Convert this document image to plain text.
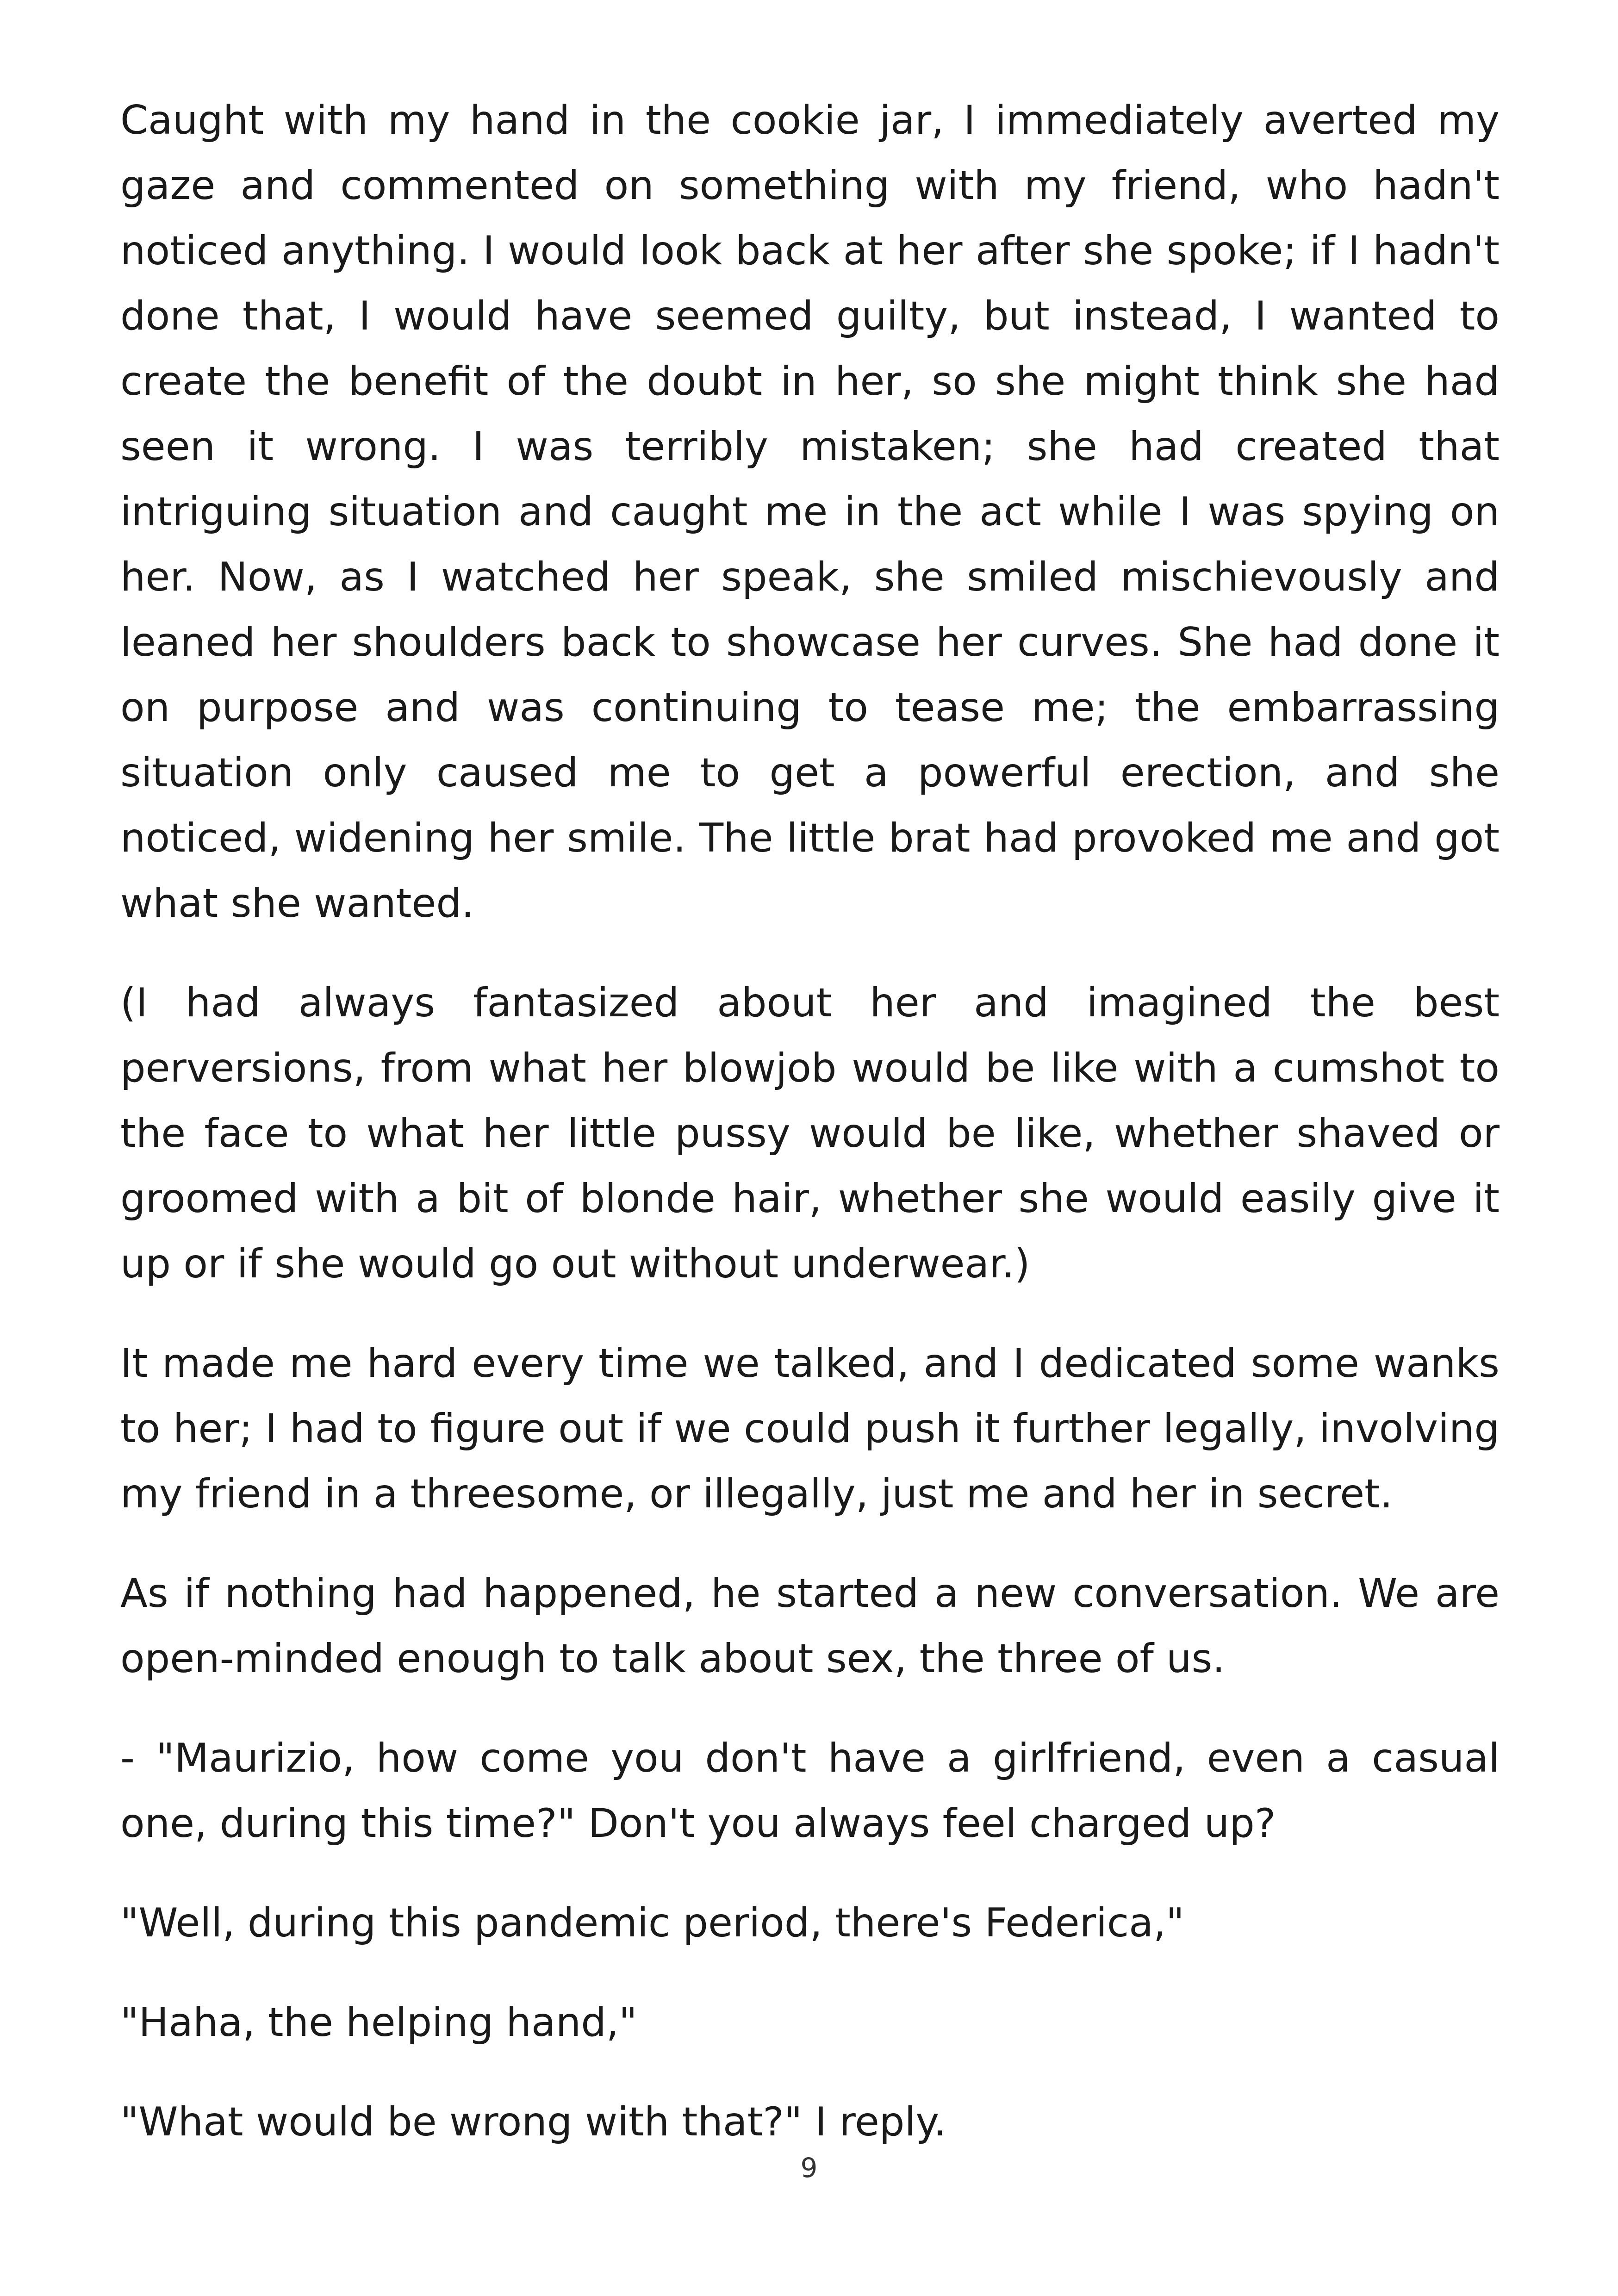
Caught with my hand in the cookie jar, I immediately averted my gaze and commented on something with my friend, who hadn't noticed anything. I would look back at her after she spoke; if I hadn't done that, I would have seemed guilty, but instead, I wanted to create the benefit of the doubt in her, so she might think she had seen it wrong. I was terribly mistaken; she had created that intriguing situation and caught me in the act while I was spying on her. Now, as I watched her speak, she smiled mischievously and leaned her shoulders back to showcase her curves. She had done it on purpose and was continuing to tease me; the embarrassing situation only caused me to get a powerful erection, and she noticed, widening her smile. The little brat had provoked me and got what she wanted.

(I had always fantasized about her and imagined the best perversions, from what her blowjob would be like with a cumshot to the face to what her little pussy would be like, whether shaved or groomed with a bit of blonde hair, whether she would easily give it up or if she would go out without underwear.)

It made me hard every time we talked, and I dedicated some wanks to her; I had to figure out if we could push it further legally, involving my friend in a threesome, or illegally, just me and her in secret.

As if nothing had happened, he started a new conversation. We are open-minded enough to talk about sex, the three of us.

- "Maurizio, how come you don't have a girlfriend, even a casual one, during this time?" Don't you always feel charged up?

"Well, during this pandemic period, there's Federica,"

"Haha, the helping hand,"

"What would be wrong with that?" I reply.

9
